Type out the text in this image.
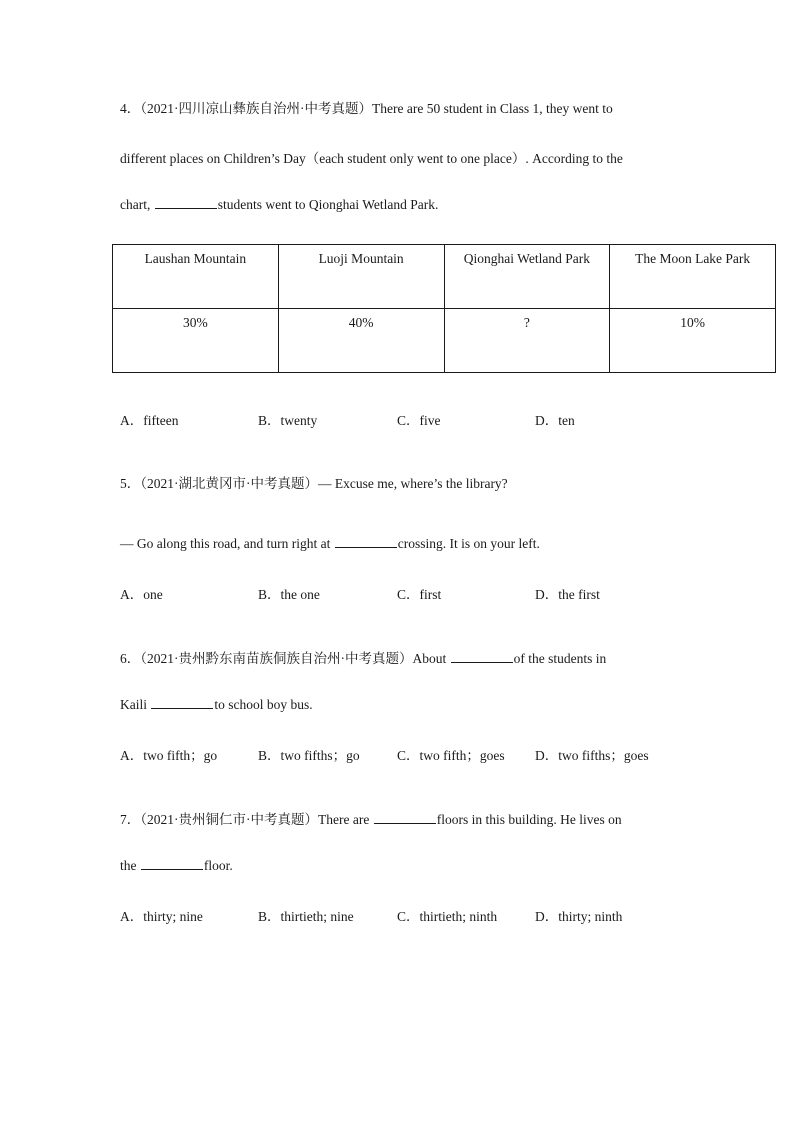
4．（2021·四川凉山彝族自治州·中考真题）There are 50 student in Class 1, they went to
different places on Children’s Day（each student only went to one place）. According to the
chart,	students went to Qionghai Wetland Park.
Laushan Mountain	Luoji Mountain	Qionghai Wetland Park	The Moon Lake Park
30%	40%	?	10%
A．fifteen	B．twenty	C．five	D．ten
5．（2021·湖北黄冈市·中考真题）— Excuse me, where’s the library?
— Go along this road, and turn right at	crossing. It is on your left.
A．one	B．the one	C．first	D．the first
6．（2021·贵州黔东南苗族侗族自治州·中考真题）About	of the students in
Kaili	to school boy bus.
A．two fifth；go	B．two fifths；go	C．two fifth；goes D．two fifths；goes
7．（2021·贵州铜仁市·中考真题）There are	floors in this building. He lives on
the	floor.
A．thirty; nine	B．thirtieth; nine	C．thirtieth; ninth	D．thirty; ninth
